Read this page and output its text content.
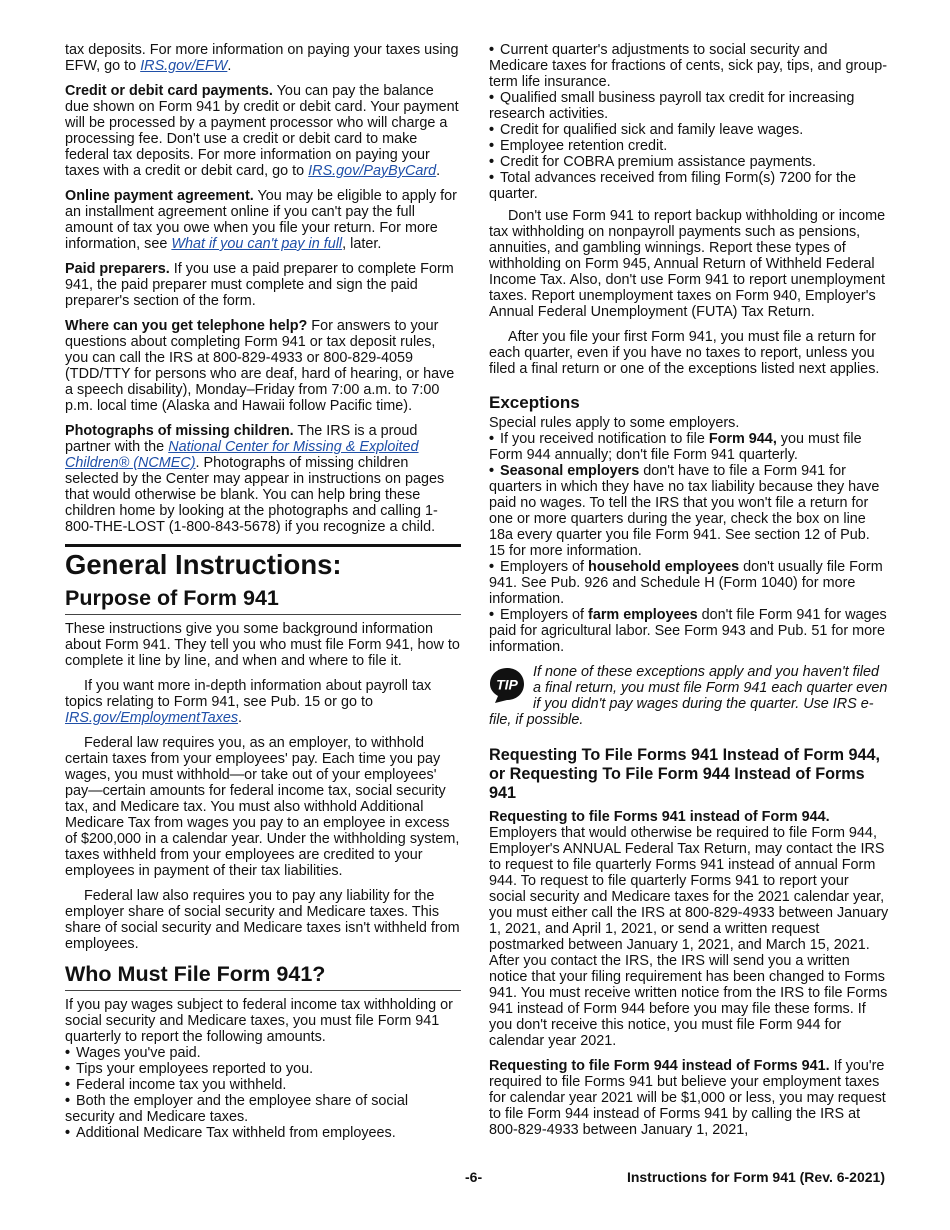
tax deposits. For more information on paying your taxes using EFW, go to IRS.gov/EFW.

Credit or debit card payments. You can pay the balance due shown on Form 941 by credit or debit card. Your payment will be processed by a payment processor who will charge a processing fee. Don't use a credit or debit card to make federal tax deposits. For more information on paying your taxes with a credit or debit card, go to IRS.gov/PayByCard.

Online payment agreement. You may be eligible to apply for an installment agreement online if you can't pay the full amount of tax you owe when you file your return. For more information, see What if you can't pay in full, later.

Paid preparers. If you use a paid preparer to complete Form 941, the paid preparer must complete and sign the paid preparer's section of the form.

Where can you get telephone help? For answers to your questions about completing Form 941 or tax deposit rules, you can call the IRS at 800-829-4933 or 800-829-4059 (TDD/TTY for persons who are deaf, hard of hearing, or have a speech disability), Monday–Friday from 7:00 a.m. to 7:00 p.m. local time (Alaska and Hawaii follow Pacific time).

Photographs of missing children. The IRS is a proud partner with the National Center for Missing & Exploited Children® (NCMEC). Photographs of missing children selected by the Center may appear in instructions on pages that would otherwise be blank. You can help bring these children home by looking at the photographs and calling 1-800-THE-LOST (1-800-843-5678) if you recognize a child.

General Instructions:
Purpose of Form 941

These instructions give you some background information about Form 941. They tell you who must file Form 941, how to complete it line by line, and when and where to file it.

If you want more in-depth information about payroll tax topics relating to Form 941, see Pub. 15 or go to IRS.gov/EmploymentTaxes.

Federal law requires you, as an employer, to withhold certain taxes from your employees' pay. Each time you pay wages, you must withhold—or take out of your employees' pay—certain amounts for federal income tax, social security tax, and Medicare tax. You must also withhold Additional Medicare Tax from wages you pay to an employee in excess of $200,000 in a calendar year. Under the withholding system, taxes withheld from your employees are credited to your employees in payment of their tax liabilities.

Federal law also requires you to pay any liability for the employer share of social security and Medicare taxes. This share of social security and Medicare taxes isn't withheld from employees.

Who Must File Form 941?

If you pay wages subject to federal income tax withholding or social security and Medicare taxes, you must file Form 941 quarterly to report the following amounts.

• Wages you've paid.
• Tips your employees reported to you.
• Federal income tax you withheld.
• Both the employer and the employee share of social security and Medicare taxes.
• Additional Medicare Tax withheld from employees.
• Current quarter's adjustments to social security and Medicare taxes for fractions of cents, sick pay, tips, and group-term life insurance.
• Qualified small business payroll tax credit for increasing research activities.
• Credit for qualified sick and family leave wages.
• Employee retention credit.
• Credit for COBRA premium assistance payments.
• Total advances received from filing Form(s) 7200 for the quarter.

Don't use Form 941 to report backup withholding or income tax withholding on nonpayroll payments such as pensions, annuities, and gambling winnings. Report these types of withholding on Form 945, Annual Return of Withheld Federal Income Tax. Also, don't use Form 941 to report unemployment taxes. Report unemployment taxes on Form 940, Employer's Annual Federal Unemployment (FUTA) Tax Return.

After you file your first Form 941, you must file a return for each quarter, even if you have no taxes to report, unless you filed a final return or one of the exceptions listed next applies.

Exceptions

Special rules apply to some employers.

• If you received notification to file Form 944, you must file Form 944 annually; don't file Form 941 quarterly.
• Seasonal employers don't have to file a Form 941 for quarters in which they have no tax liability because they have paid no wages. To tell the IRS that you won't file a return for one or more quarters during the year, check the box on line 18a every quarter you file Form 941. See section 12 of Pub. 15 for more information.
• Employers of household employees don't usually file Form 941. See Pub. 926 and Schedule H (Form 1040) for more information.
• Employers of farm employees don't file Form 941 for wages paid for agricultural labor. See Form 943 and Pub. 51 for more information.
TIP
If none of these exceptions apply and you haven't filed a final return, you must file Form 941 each quarter even if you didn't pay wages during the quarter. Use IRS e-file, if possible.
Requesting To File Forms 941 Instead of Form 944, or Requesting To File Form 944 Instead of Forms 941

Requesting to file Forms 941 instead of Form 944.
Employers that would otherwise be required to file Form 944, Employer's ANNUAL Federal Tax Return, may contact the IRS to request to file quarterly Forms 941 instead of annual Form 944. To request to file quarterly Forms 941 to report your social security and Medicare taxes for the 2021 calendar year, you must either call the IRS at 800-829-4933 between January 1, 2021, and April 1, 2021, or send a written request postmarked between January 1, 2021, and March 15, 2021. After you contact the IRS, the IRS will send you a written notice that your filing requirement has been changed to Forms 941. You must receive written notice from the IRS to file Forms 941 instead of Form 944 before you may file these forms. If you don't receive this notice, you must file Form 944 for calendar year 2021.

Requesting to file Form 944 instead of Forms 941. If you're required to file Forms 941 but believe your employment taxes for calendar year 2021 will be $1,000 or less, you may request to file Form 944 instead of Forms 941 by calling the IRS at 800-829-4933 between January 1, 2021,

-6-	Instructions for Form 941 (Rev. 6-2021)
